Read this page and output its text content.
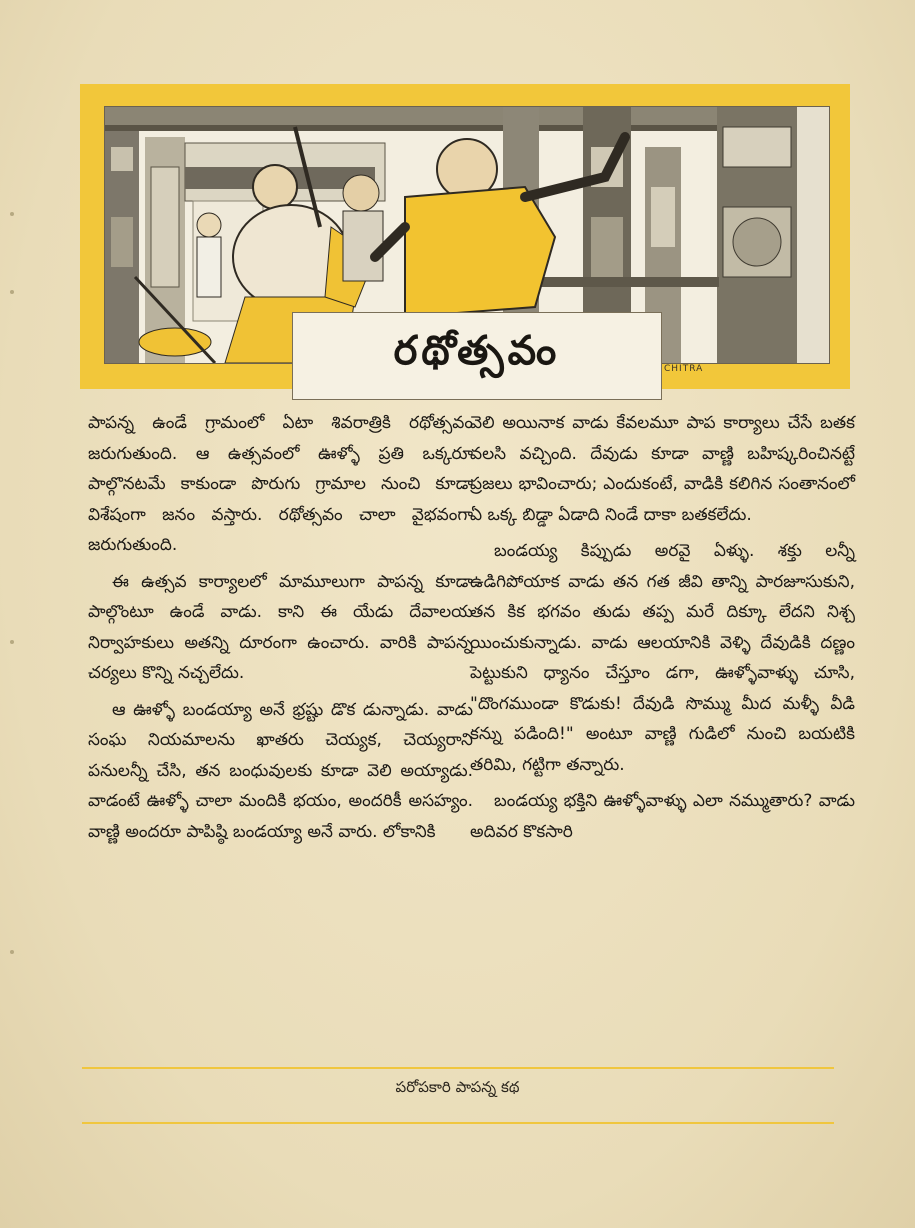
రథోత్సవం	CHITRA

పాపన్న ఉండే గ్రామంలో ఏటా శివరాత్రికి రథోత్సవం జరుగుతుంది. ఆ ఉత్సవంలో ఊళ్ళో ప్రతి ఒక్కరూ పాల్గొనటమే కాకుండా పొరుగు గ్రామాల నుంచి కూడా విశేషంగా జనం వస్తారు. రథోత్సవం చాలా వైభవంగా జరుగుతుంది.

ఈ ఉత్సవ కార్యాలలో మామూలుగా పాపన్న కూడా పాల్గొంటూ ఉండే వాడు. కాని ఈ యేడు దేవాలయ నిర్వాహకులు అతన్ని దూరంగా ఉంచారు. వారికి పాపన్న చర్యలు కొన్ని నచ్చలేదు.

ఆ ఊళ్ళో బండయ్యా అనే భ్రష్టు డొక డున్నాడు. వాడు సంఘ నియమాలను ఖాతరు చెయ్యక, చెయ్యరాని పనులన్నీ చేసి, తన బంధువులకు కూడా వెలి అయ్యాడు. వాడంటే ఊళ్ళో చాలా మందికి భయం, అందరికీ అసహ్యం. వాణ్ణి అందరూ పాపిష్ఠి బండయ్యా అనే వారు. లోకానికి

వెలి అయినాక వాడు కేవలమూ పాప కార్యాలు చేసే బతక వలసి వచ్చింది. దేవుడు కూడా వాణ్ణి బహిష్కరించినట్టే ప్రజలు భావించారు; ఎందుకంటే, వాడికి కలిగిన సంతానంలో ఏ ఒక్క బిడ్డా ఏడాది నిండే దాకా బతకలేదు.

బండయ్య కిప్పుడు అరవై ఏళ్ళు. శక్తు లన్నీ ఉడిగిపోయాక వాడు తన గత జీవి తాన్ని పారజూసుకుని, తన కిక భగవం తుడు తప్ప మరే దిక్కూ లేదని నిశ్చ యించుకున్నాడు. వాడు ఆలయానికి వెళ్ళి దేవుడికి దణ్ణం పెట్టుకుని ధ్యానం చేస్తూం డగా, ఊళ్ళోవాళ్ళు చూసి, "దొంగముండా కొడుకు! దేవుడి సొమ్ము మీద మళ్ళీ వీడి కన్ను పడింది!" అంటూ వాణ్ణి గుడిలో నుంచి బయటికి తరిమి, గట్టిగా తన్నారు.

బండయ్య భక్తిని ఊళ్ళోవాళ్ళు ఎలా నమ్ముతారు? వాడు అదివర కొకసారి

పరోపకారి పాపన్న కథ
